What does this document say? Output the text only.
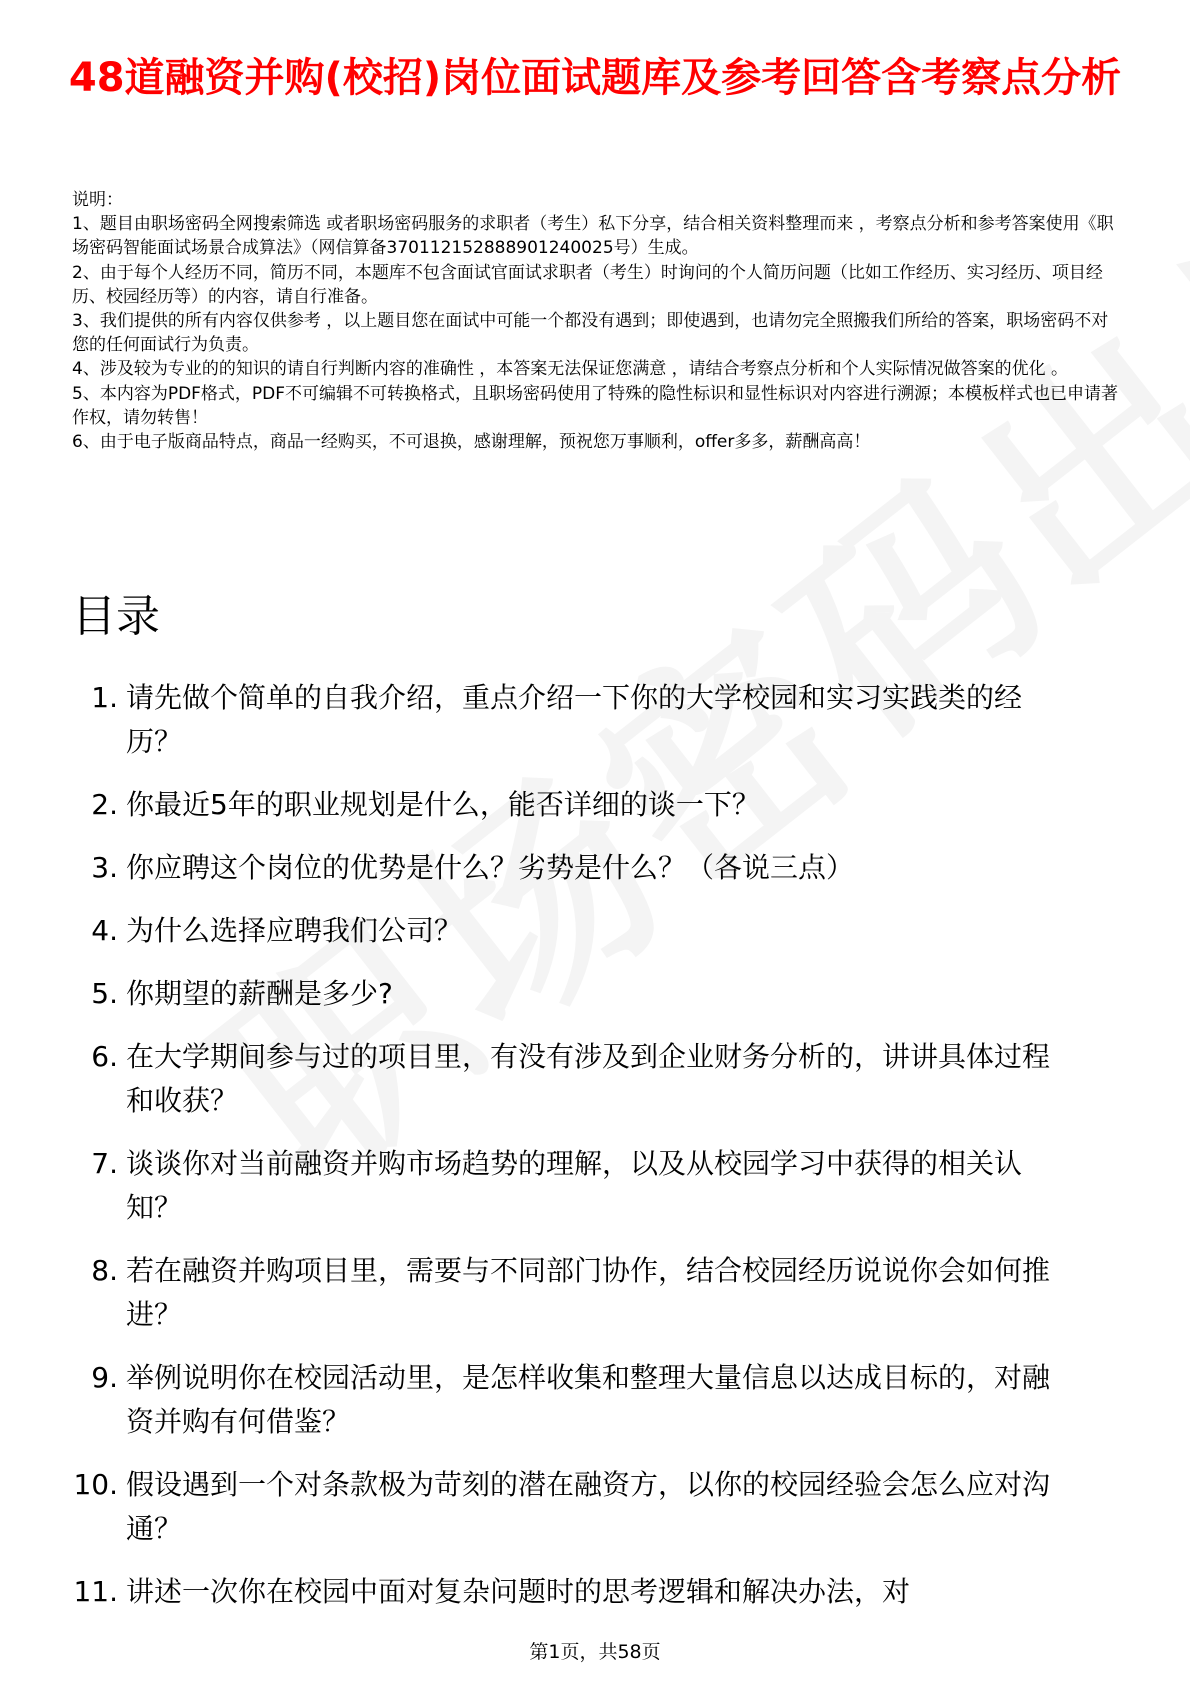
48道融资并购(校招)岗位面试题库及参考回答含考察点分析

说明：

1、题目由职场密码全网搜索筛选 或者职场密码服务的求职者（考生）私下分享，结合相关资料整理而来 ，考察点分析和参考答案使用《职场密码智能面试场景合成算法》（网信算备370112152888901240025号）生成。

2、由于每个人经历不同，简历不同，本题库不包含面试官面试求职者（考生）时询问的个人简历问题（比如工作经历、实习经历、项目经历、校园经历等）的内容，请自行准备。

3、我们提供的所有内容仅供参考 ，以上题目您在面试中可能一个都没有遇到；即使遇到，也请勿完全照搬我们所给的答案，职场密码不对您的任何面试行为负责。

4、涉及较为专业的的知识的请自行判断内容的准确性 ，本答案无法保证您满意 ，请结合考察点分析和个人实际情况做答案的优化 。

5、本内容为PDF格式，PDF不可编辑不可转换格式，且职场密码使用了特殊的隐性标识和显性标识对内容进行溯源；本模板样式也已申请著作权，请勿转售！

6、由于电子版商品特点，商品一经购买，不可退换，感谢理解，预祝您万事顺利，offer多多，薪酬高高！

目录
1. 请先做个简单的自我介绍，重点介绍一下你的大学校园和实习实践类的经历？
2. 你最近5年的职业规划是什么，能否详细的谈一下？
3. 你应聘这个岗位的优势是什么？劣势是什么？（各说三点）
4. 为什么选择应聘我们公司？
5. 你期望的薪酬是多少?
6. 在大学期间参与过的项目里，有没有涉及到企业财务分析的，讲讲具体过程和收获？
7. 谈谈你对当前融资并购市场趋势的理解，以及从校园学习中获得的相关认知？
8. 若在融资并购项目里，需要与不同部门协作，结合校园经历说说你会如何推进？
9. 举例说明你在校园活动里，是怎样收集和整理大量信息以达成目标的，对融资并购有何借鉴？
10. 假设遇到一个对条款极为苛刻的潜在融资方，以你的校园经验会怎么应对沟通？
11. 讲述一次你在校园中面对复杂问题时的思考逻辑和解决办法，对
第1页，共58页
